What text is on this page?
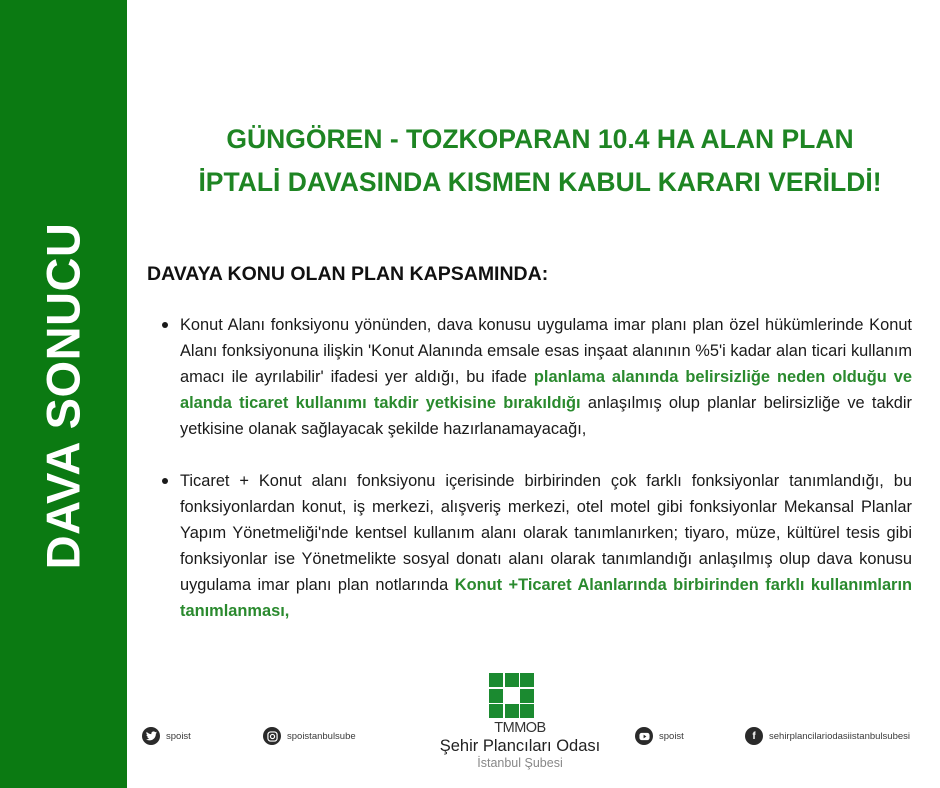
DAVA SONUCU
GÜNGÖREN - TOZKOPARAN 10.4 HA ALAN PLAN
İPTALİ DAVASINDA KISMEN KABUL KARARI VERİLDİ!
DAVAYA KONU OLAN PLAN KAPSAMINDA:
Konut Alanı fonksiyonu yönünden, dava konusu uygulama imar planı plan özel hükümlerinde Konut Alanı fonksiyonuna ilişkin 'Konut Alanında emsale esas inşaat alanının %5'i kadar alan ticari kullanım amacı ile ayrılabilir' ifadesi yer aldığı, bu ifade planlama alanında belirsizliğe neden olduğu ve alanda ticaret kullanımı takdir yetkisine bırakıldığı anlaşılmış olup planlar belirsizliğe ve takdir yetkisine olanak sağlayacak şekilde hazırlanamayacağı,
Ticaret + Konut alanı fonksiyonu içerisinde birbirinden çok farklı fonksiyonlar tanımlandığı, bu fonksiyonlardan konut, iş merkezi, alışveriş merkezi, otel motel gibi fonksiyonlar Mekansal Planlar Yapım Yönetmeliği'nde kentsel kullanım alanı olarak tanımlanırken; tiyaro, müze, kültürel tesis gibi fonksiyonlar ise Yönetmelikte sosyal donatı alanı olarak tanımlandığı anlaşılmış olup dava konusu uygulama imar planı plan notlarında Konut +Ticaret Alanlarında birbirinden farklı kullanımların tanımlanması,
spoist	spoistanbulsube	TMMOB
Şehir Plancıları Odası
İstanbul Şubesi
spoist	f	sehirplancilariodasiistanbulsubesi
